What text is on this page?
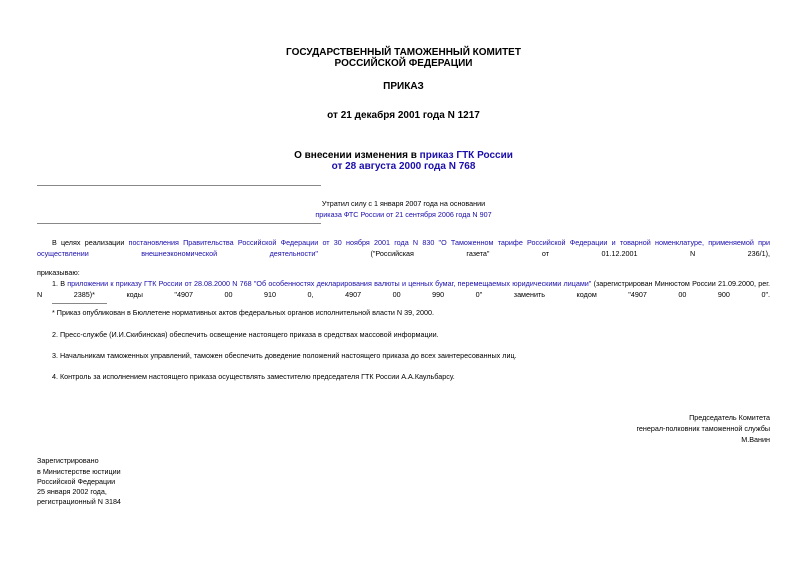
ГОСУДАРСТВЕННЫЙ ТАМОЖЕННЫЙ КОМИТЕТ
РОССИЙСКОЙ ФЕДЕРАЦИИ
ПРИКАЗ
от 21 декабря 2001 года N 1217
О внесении изменения в приказ ГТК России
от 28 августа 2000 года N 768
Утратил силу с 1 января 2007 года на основании
приказа ФТС России от 21 сентября 2006 года N 907
В целях реализации постановления Правительства Российской Федерации от 30 ноября 2001 года N 830 "О Таможенном тарифе Российской Федерации и товарной номенклатуре, применяемой при осуществлении внешнеэкономической деятельности" ("Российская газета" от 01.12.2001 N 236/1),
приказываю:
1. В приложении к приказу ГТК России от 28.08.2000 N 768 "Об особенностях декларирования валюты и ценных бумаг, перемещаемых юридическими лицами" (зарегистрирован Минюстом России 21.09.2000, рег. N 2385)* коды "4907 00 910 0, 4907 00 990 0" заменить кодом "4907 00 900 0".
* Приказ опубликован в Бюллетене нормативных актов федеральных органов исполнительной власти N 39, 2000.
2. Пресс-службе (И.И.Скибинская) обеспечить освещение настоящего приказа в средствах массовой информации.
3. Начальникам таможенных управлений, таможен обеспечить доведение положений настоящего приказа до всех заинтересованных лиц.
4. Контроль за исполнением настоящего приказа осуществлять заместителю председателя ГТК России А.А.Каульбарсу.
Председатель Комитета
генерал-полковник таможенной службы
М.Ванин
Зарегистрировано
в Министерстве юстиции
Российской Федерации
25 января 2002 года,
регистрационный N 3184
